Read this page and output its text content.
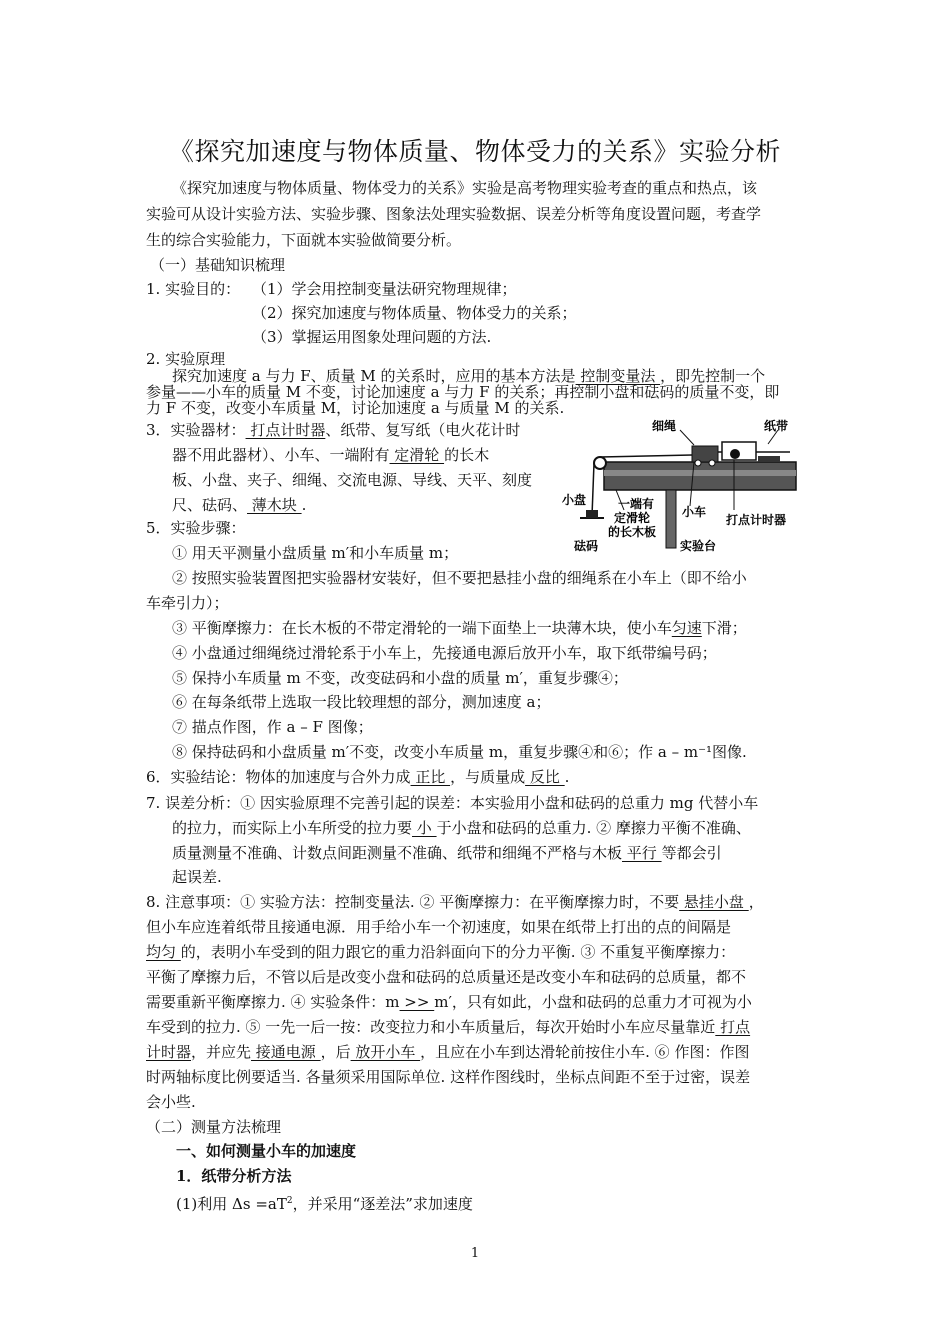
《探究加速度与物体质量、物体受力的关系》实验分析
《探究加速度与物体质量、物体受力的关系》实验是高考物理实验考查的重点和热点，该
实验可从设计实验方法、实验步骤、图象法处理实验数据、误差分析等角度设置问题，考查学
生的综合实验能力，下面就本实验做简要分析。
（一）基础知识梳理
1. 实验目的： （1）学会用控制变量法研究物理规律；
（2）探究加速度与物体质量、物体受力的关系；
（3）掌握运用图象处理问题的方法.
2. 实验原理
探究加速度 a 与力 F、质量 M 的关系时，应用的基本方法是 控制变量法 ，即先控制一个
参量——小车的质量 M 不变，讨论加速度 a 与力 F 的关系；再控制小盘和砝码的质量不变，即
力 F 不变，改变小车质量 M，讨论加速度 a 与质量 M 的关系.
3．实验器材： 打点计时器、纸带、复写纸（电火花计时
器不用此器材）、小车、一端附有 定滑轮 的长木
板、小盘、夹子、细绳、交流电源、导线、天平、刻度
尺、砝码、 薄木块 .
细绳	纸带
小盘	一端有
定滑轮
的长木板
小车
打点计时器
砝码	实验台
5．实验步骤：
① 用天平测量小盘质量 m′和小车质量 m；
② 按照实验装置图把实验器材安装好，但不要把悬挂小盘的细绳系在小车上（即不给小
车牵引力）；
③ 平衡摩擦力：在长木板的不带定滑轮的一端下面垫上一块薄木块，使小车匀速下滑；
④ 小盘通过细绳绕过滑轮系于小车上，先接通电源后放开小车，取下纸带编号码；
⑤ 保持小车质量 m 不变，改变砝码和小盘的质量 m′，重复步骤④；
⑥ 在每条纸带上选取一段比较理想的部分，测加速度 a；
⑦ 描点作图，作 a – F 图像；
⑧ 保持砝码和小盘质量 m′不变，改变小车质量 m，重复步骤④和⑥；作 a – m⁻¹图像.
6．实验结论：物体的加速度与合外力成 正比 ，与质量成 反比 .
7. 误差分析：① 因实验原理不完善引起的误差：本实验用小盘和砝码的总重力 mg 代替小车
的拉力，而实际上小车所受的拉力要 小 于小盘和砝码的总重力. ② 摩擦力平衡不准确、
质量测量不准确、计数点间距测量不准确、纸带和细绳不严格与木板 平行 等都会引
起误差.
8. 注意事项：① 实验方法：控制变量法. ② 平衡摩擦力：在平衡摩擦力时，不要 悬挂小盘 ，
但小车应连着纸带且接通电源．用手给小车一个初速度，如果在纸带上打出的点的间隔是
均匀 的，表明小车受到的阻力跟它的重力沿斜面向下的分力平衡. ③ 不重复平衡摩擦力：
平衡了摩擦力后，不管以后是改变小盘和砝码的总质量还是改变小车和砝码的总质量，都不
需要重新平衡摩擦力. ④ 实验条件：m >> m′，只有如此，小盘和砝码的总重力才可视为小
车受到的拉力. ⑤ 一先一后一按：改变拉力和小车质量后，每次开始时小车应尽量靠近 打点
计时器，并应先 接通电源 ，后 放开小车 ，且应在小车到达滑轮前按住小车. ⑥ 作图：作图
时两轴标度比例要适当. 各量须采用国际单位. 这样作图线时，坐标点间距不至于过密，误差
会小些.
（二）测量方法梳理
一、如何测量小车的加速度
1．纸带分析方法
(1)利用 $\Delta s =aT^2$，并采用“逐差法”求加速度
1
